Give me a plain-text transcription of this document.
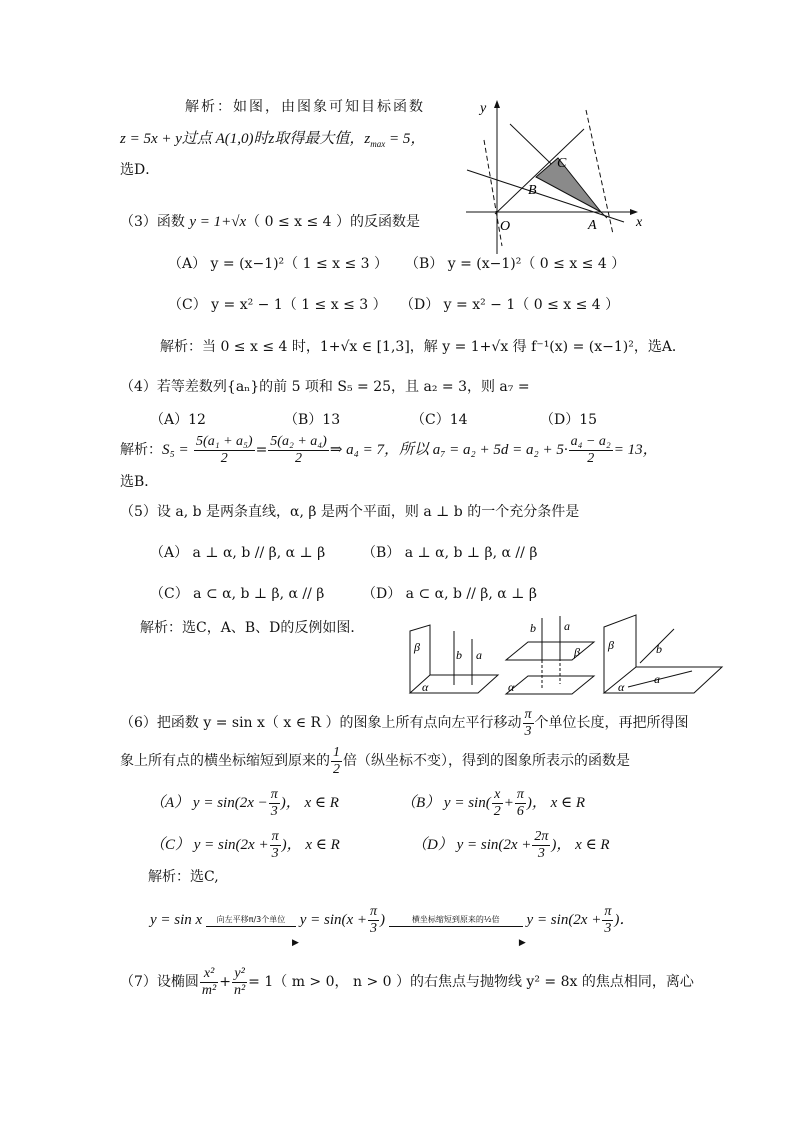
解析：如图，由图象可知目标函数
z = 5x + y过点 A(1,0)时z取得最大值，$z_{max} = 5$，
选D．
y
x
O	A
B
C
（3）函数 y = 1+√x（ 0 ≤ x ≤ 4 ）的反函数是
（A） y = (x−1)²（ 1 ≤ x ≤ 3 ） （B） y = (x−1)²（ 0 ≤ x ≤ 4 ）
（C） y = x² − 1（ 1 ≤ x ≤ 3 ） （D） y = x² − 1（ 0 ≤ x ≤ 4 ）
解析：当 0 ≤ x ≤ 4 时，1+√x ∈ [1,3]，解 y = 1+√x 得 f⁻¹(x) = (x−1)²，选A．
（4）若等差数列{aₙ}的前 5 项和 S₅ = 25，且 a₂ = 3，则 a₇ =
（A）12	（B）13	（C）14	（D）15
解析：$S_5 = \frac{\text{5(a₁ + a₅)}}{2} = \frac{\text{5(a₂ + a₄)}}{2}$ ⇒ a₄ = 7，所以 $a_7 = a_2 + 5d = a_2 + 5\cdot \frac{\text{a₄ − a₂}}{2} = 13$，
选B．
（5）设 a, b 是两条直线，α, β 是两个平面，则 a ⊥ b 的一个充分条件是
（A） a ⊥ α, b // β, α ⊥ β	（B） a ⊥ α, b ⊥ β, α // β
（C） a ⊂ α, b ⊥ β, α // β	（D） a ⊂ α, b // β, α ⊥ β
解析：选C，A、B、D的反例如图．
β
b a
α
b a
β
α
β	b
a
α
（6）把函数 y = sin x（ x ∈ R ）的图象上所有点向左平行移动 $\frac{\pi}{3}$ 个单位长度，再把所得图
象上所有点的横坐标缩短到原来的 $\frac{1}{2}$ 倍（纵坐标不变），得到的图象所表示的函数是
（A） $y = \sin(2x - \frac{\pi}{3}$ )， x ∈ R	（B） $y = \sin( \frac{x}{2} + \frac{\pi}{6}$ )， x ∈ R
（C） $y = \sin(2x + \frac{\pi}{3}$ )， x ∈ R	（D） $y = \sin(2x + \frac{2\pi}{3}$ )， x ∈ R
解析：选C,
y = sin x	向左平移π/3个单位
▶
$y = \sin(x + \frac{\pi}{3}$ )	横坐标缩短到原来的½倍
▶
$y = \sin(2x + \frac{\pi}{3}$ )．
（7）设椭圆 $\frac{\text{x²}}{\text{m²}} + \frac{\text{y²}}{\text{n²}} = 1$（ m > 0， n > 0 ）的右焦点与抛物线 y² = 8x 的焦点相同，离心
